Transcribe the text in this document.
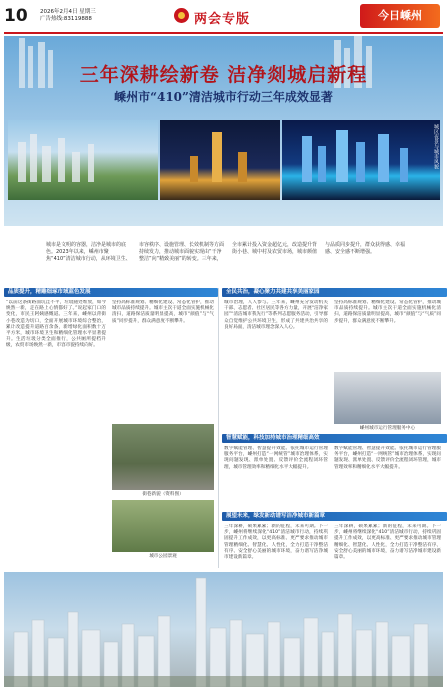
10 2026年2月4日 星期三
广告热线:83119888	两会专版	今日嵊州
三年深耕绘新卷 洁净剡城启新程
嵊州市“410”清洁城市行动三年成效显著
城区夜景与城市风貌
城市是文明的容器，洁净是城市的底色。2023年以来，嵊州市聚焦“410”清洁城市行动，从环境卫生、市容秩序、设施管理、长效机制等方面持续发力，推动城市面貌实现由“干净整洁”向“精致美丽”的转变。三年来，全市累计投入资金超亿元，改造提升背街小巷、城中村及农贸市场，城市颜值与品质同步提升，群众获得感、幸福感、安全感不断增强。
品质提升，精雕细琢市域蓝色发展
“以前这条街路面坑洼不平，垃圾随处堆放，如今焕然一新，走在路上心情都好了。”说起家门口的变化，市民王阿姨感慨道。三年来，嵊州以背街小巷改造为切口，全面开展城市环境综合整治，累计改造提升道路百余条，新增绿化面积数十万平方米，城市环境卫生和精细化管理水平显著提升。生活垃圾分类全面推行，公共厕所提档升级，农贸市场焕然一新，市容市貌持续向好。
坚持高标准规划、精细化建设、常态化管护，推动城市品质持续提升。城市主次干道全面实施机械化清扫，道路保洁质量明显提高，城市“颜值”与“气质”同步提升，群众满意度不断攀升。
街巷新貌（资料图）
城市公园景观
全民共治，凝心聚力共建共享美丽家园
城市治理，人人参与。三年来，嵊州充分发动机关干部、志愿者、社区居民等各方力量，开展“洁净家园”“清洁城市我先行”等系列志愿服务活动，引导群众自觉维护公共环境卫生，形成了共建共治共享的良好局面，清洁城市理念深入人心。
坚持高标准规划、精细化建设、常态化管护，推动城市品质持续提升。城市主次干道全面实施机械化清扫，道路保洁质量明显提高，城市“颜值”与“气质”同步提升，群众满意度不断攀升。
嵊州城市运行管理服务中心
智慧赋能，科技加持城市治理精细高效
数字赋能管理、智慧提升效能。依托城市运行管理服务平台，嵊州打造“一网统管”城市治理体系，实现问题发现、派单处置、反馈评价全流程闭环管理，城市管理效率和精细化水平大幅提升。
数字赋能管理、智慧提升效能。依托城市运行管理服务平台，嵊州打造“一网统管”城市治理体系，实现问题发现、派单处置、反馈评价全流程闭环管理，城市管理效率和精细化水平大幅提升。
展望未来，绿发新动谱写洁净城市新篇章
三年深耕，硕果累累；新的征程，未来可期。下一步，嵊州将继续深化“410”清洁城市行动，持续巩固提升工作成效，以更高标准、更严要求推动城市管理精细化、智慧化、人性化，全力打造干净整洁有序、安全舒心美丽的城市环境，奋力谱写洁净城市建设新篇章。
三年深耕，硕果累累；新的征程，未来可期。下一步，嵊州将继续深化“410”清洁城市行动，持续巩固提升工作成效，以更高标准、更严要求推动城市管理精细化、智慧化、人性化，全力打造干净整洁有序、安全舒心美丽的城市环境，奋力谱写洁净城市建设新篇章。
